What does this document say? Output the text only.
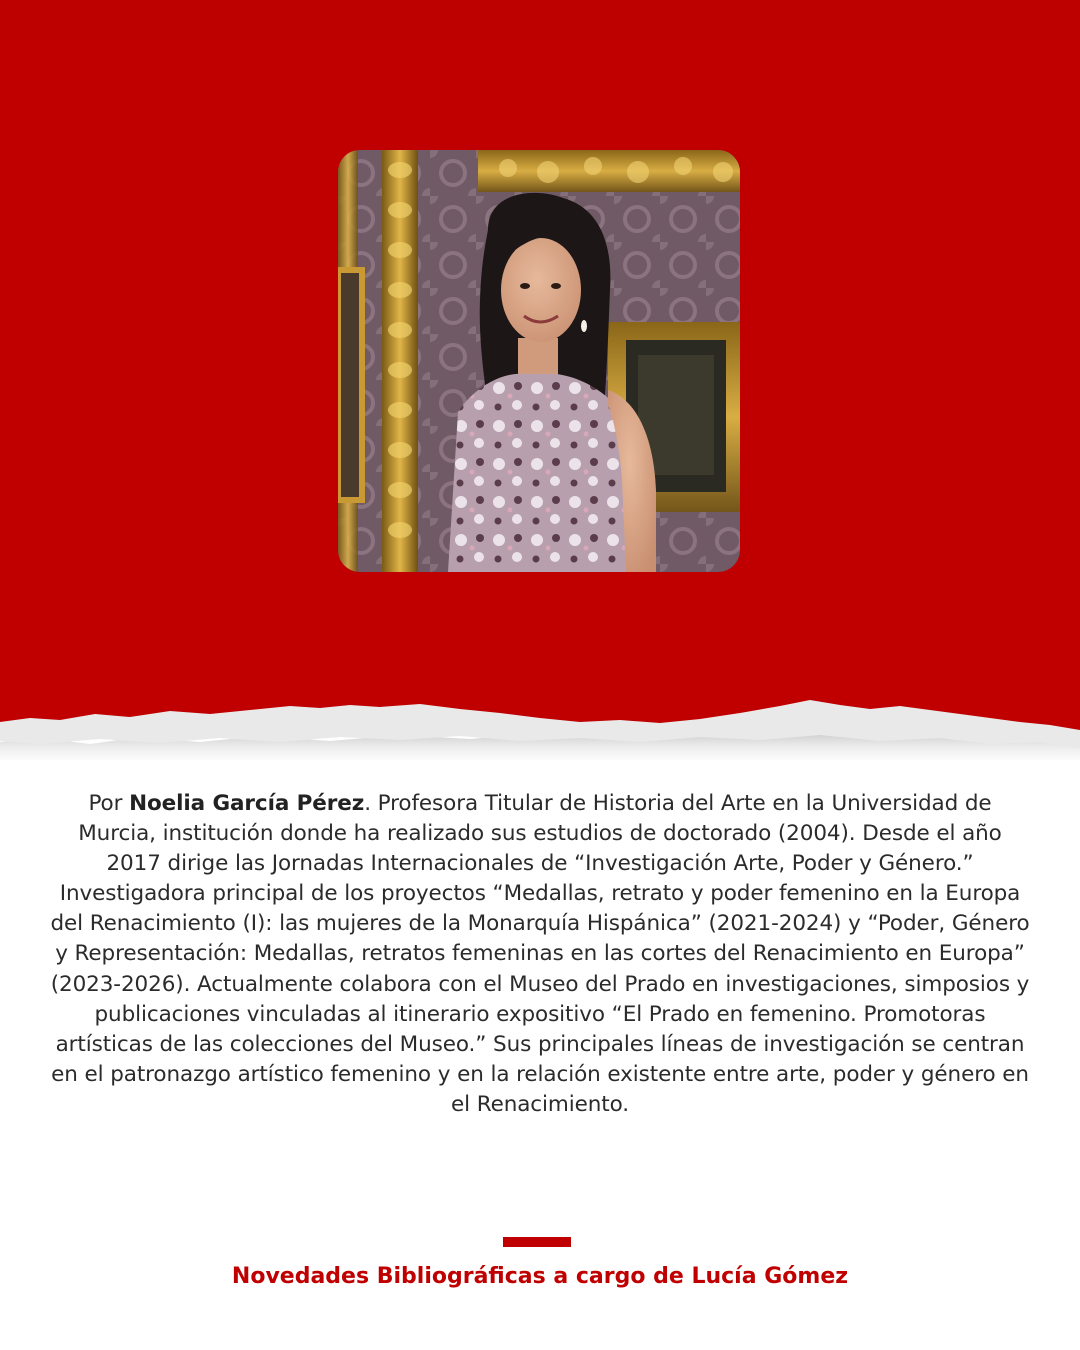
Por Noelia García Pérez. Profesora Titular de Historia del Arte en la Universidad de Murcia, institución donde ha realizado sus estudios de doctorado (2004). Desde el año 2017 dirige las Jornadas Internacionales de “Investigación Arte, Poder y Género.” Investigadora principal de los proyectos “Medallas, retrato y poder femenino en la Europa del Renacimiento (I): las mujeres de la Monarquía Hispánica” (2021-2024) y “Poder, Género y Representación: Medallas, retratos femeninas en las cortes del Renacimiento en Europa” (2023-2026). Actualmente colabora con el Museo del Prado en investigaciones, simposios y publicaciones vinculadas al itinerario expositivo “El Prado en femenino. Promotoras artísticas de las colecciones del Museo.” Sus principales líneas de investigación se centran en el patronazgo artístico femenino y en la relación existente entre arte, poder y género en el Renacimiento.

Novedades Bibliográficas a cargo de Lucía Gómez
